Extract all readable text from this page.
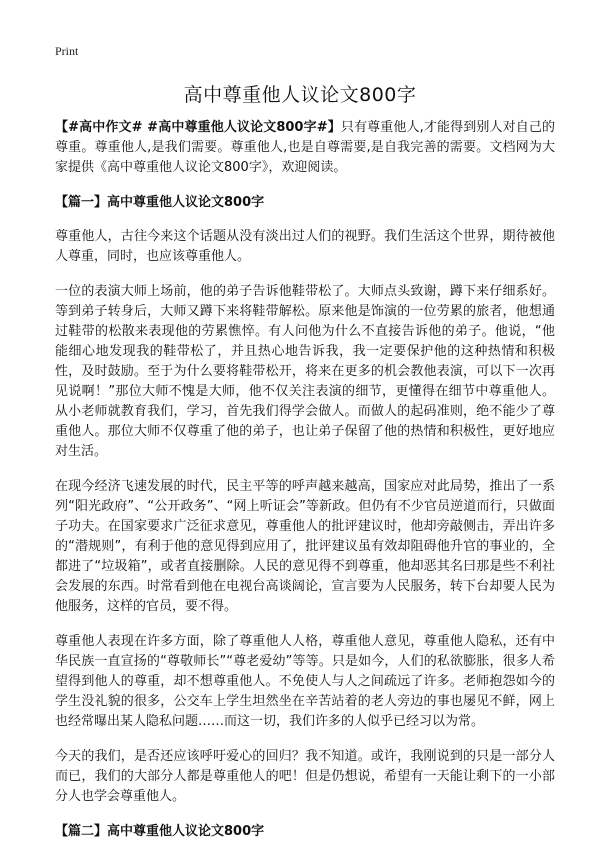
Print
高中尊重他人议论文800字

【#高中作文# #高中尊重他人议论文800字#】只有尊重他人,才能得到别人对自己的尊重。尊重他人,是我们需要。尊重他人,也是自尊需要,是自我完善的需要。文档网为大家提供《高中尊重他人议论文800字》，欢迎阅读。

【篇一】高中尊重他人议论文800字

尊重他人，古往今来这个话题从没有淡出过人们的视野。我们生活这个世界，期待被他人尊重，同时，也应该尊重他人。

一位的表演大师上场前，他的弟子告诉他鞋带松了。大师点头致谢，蹲下来仔细系好。等到弟子转身后，大师又蹲下来将鞋带解松。原来他是饰演的一位劳累的旅者，他想通过鞋带的松散来表现他的劳累憔悴。有人问他为什么不直接告诉他的弟子。他说，“他能细心地发现我的鞋带松了，并且热心地告诉我，我一定要保护他的这种热情和积极性，及时鼓励。至于为什么要将鞋带松开，将来在更多的机会教他表演，可以下一次再见说啊！”那位大师不愧是大师，他不仅关注表演的细节，更懂得在细节中尊重他人。从小老师就教育我们，学习，首先我们得学会做人。而做人的起码准则，绝不能少了尊重他人。那位大师不仅尊重了他的弟子，也让弟子保留了他的热情和积极性，更好地应对生活。

在现今经济飞速发展的时代，民主平等的呼声越来越高，国家应对此局势，推出了一系列“阳光政府”、“公开政务”、“网上听证会”等新政。但仍有不少官员逆道而行，只做面子功夫。在国家要求广泛征求意见，尊重他人的批评建议时，他却旁敲侧击，弄出许多的“潜规则”，有利于他的意见得到应用了，批评建议虽有效却阻碍他升官的事业的，全都进了“垃圾箱”，或者直接删除。人民的意见得不到尊重，他却恶其名曰那是些不利社会发展的东西。时常看到他在电视台高谈阔论，宣言要为人民服务，转下台却要人民为他服务，这样的官员，要不得。

尊重他人表现在许多方面，除了尊重他人人格，尊重他人意见，尊重他人隐私，还有中华民族一直宣扬的“尊敬师长”“尊老爱幼”等等。只是如今，人们的私欲膨胀，很多人希望得到他人的尊重，却不想尊重他人。不免使人与人之间疏远了许多。老师抱怨如今的学生没礼貌的很多，公交车上学生坦然坐在辛苦站着的老人旁边的事也屡见不鲜，网上也经常曝出某人隐私问题……而这一切，我们许多的人似乎已经习以为常。

今天的我们，是否还应该呼吁爱心的回归？我不知道。或许，我刚说到的只是一部分人而已，我们的大部分人都是尊重他人的吧！但是仍想说，希望有一天能让剩下的一小部分人也学会尊重他人。

【篇二】高中尊重他人议论文800字
